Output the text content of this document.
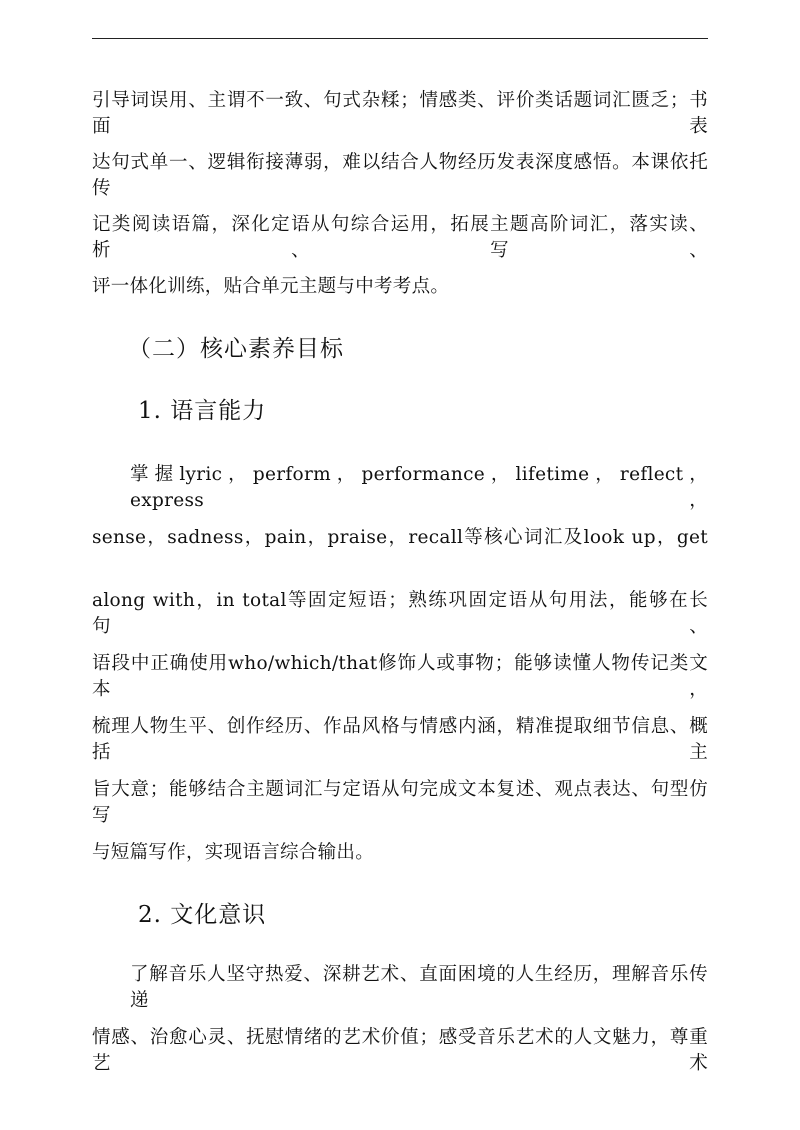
引导词误用、主谓不一致、句式杂糅；情感类、评价类话题词汇匮乏；书面表
达句式单一、逻辑衔接薄弱，难以结合人物经历发表深度感悟。本课依托传
记类阅读语篇，深化定语从句综合运用，拓展主题高阶词汇，落实读、析、写、
评一体化训练，贴合单元主题与中考考点。
（二）核心素养目标
1. 语言能力
掌握lyric，perform，performance，lifetime，reflect，express，
sense，sadness，pain，praise，recall等核心词汇及look up，get
along with，in total等固定短语；熟练巩固定语从句用法，能够在长句、
语段中正确使用who/which/that修饰人或事物；能够读懂人物传记类文本，
梳理人物生平、创作经历、作品风格与情感内涵，精准提取细节信息、概括主
旨大意；能够结合主题词汇与定语从句完成文本复述、观点表达、句型仿写
与短篇写作，实现语言综合输出。
2. 文化意识
了解音乐人坚守热爱、深耕艺术、直面困境的人生经历，理解音乐传递
情感、治愈心灵、抚慰情绪的艺术价值；感受音乐艺术的人文魅力，尊重艺术
